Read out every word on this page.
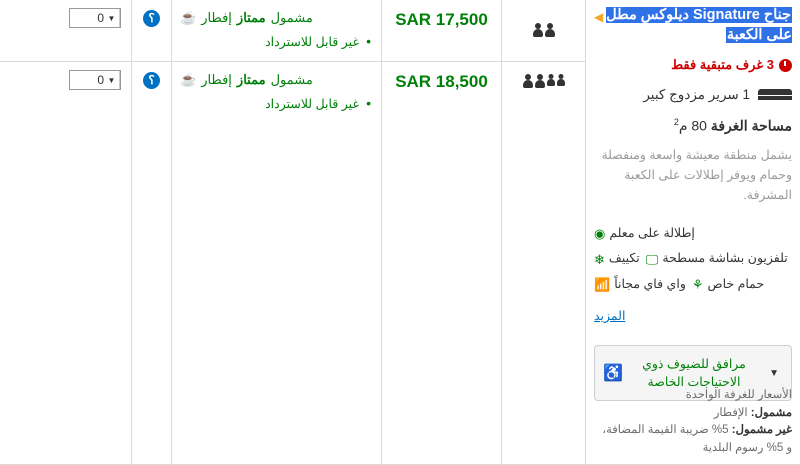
◀ جناح Signature ديلوكس مطل على الكعبة
3 غرف متبقية فقط
1 سرير مزدوج كبير
مساحة الغرفة 80 م$^2$
يشمل منطقة معيشة واسعة ومنفصلة وحمام ويوفر إطلالات على الكعبة المشرفة.
◉ إطلالة على معلم
❄ تكييف 🖵 تلفزيون بشاشة مسطحة
📶 واي فاي مجاناً ⚘ حمام خاص
المزيد
▼
مرافق للضيوف ذوي الاحتياجات الخاصة
♿
الأسعار للغرفة الواحدة
مشمول: الإفطار
غير مشمول: 5% ضريبة القيمة المضافة، و 5% رسوم البلدية
SAR 17,500
SAR 18,500
☕ إفطار ممتاز مشمول
• غير قابل للاسترداد
☕ إفطار ممتاز مشمول
• غير قابل للاسترداد
؟
؟
▼
0
▼
0
